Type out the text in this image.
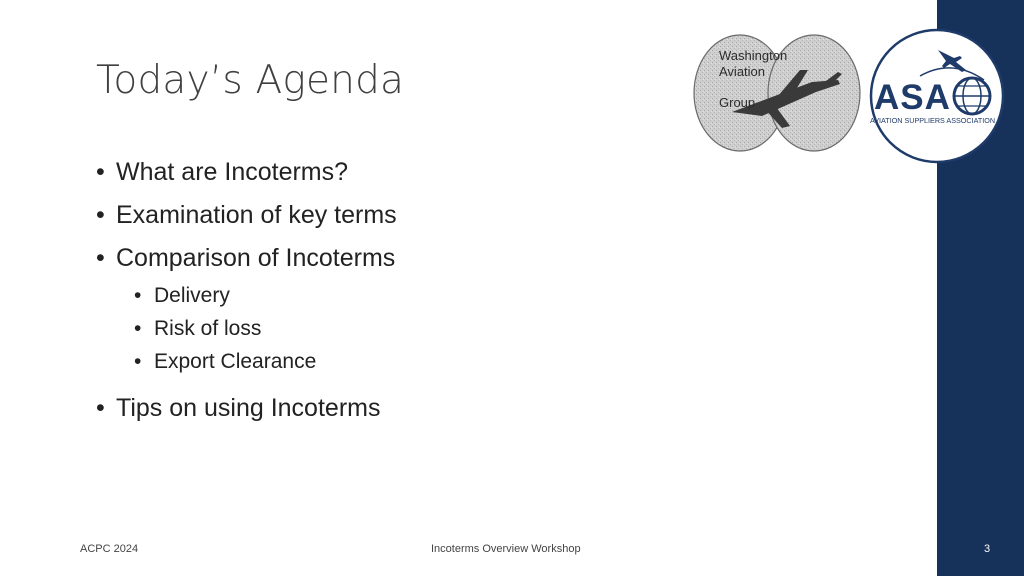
Today’s Agenda
• What are Incoterms?
• Examination of key terms
• Comparison of Incoterms
• Delivery
• Risk of loss
• Export Clearance
• Tips on using Incoterms
Washington
Aviation
Group	ASA
AVIATION SUPPLIERS ASSOCIATION
ACPC 2024	Incoterms Overview Workshop	3
